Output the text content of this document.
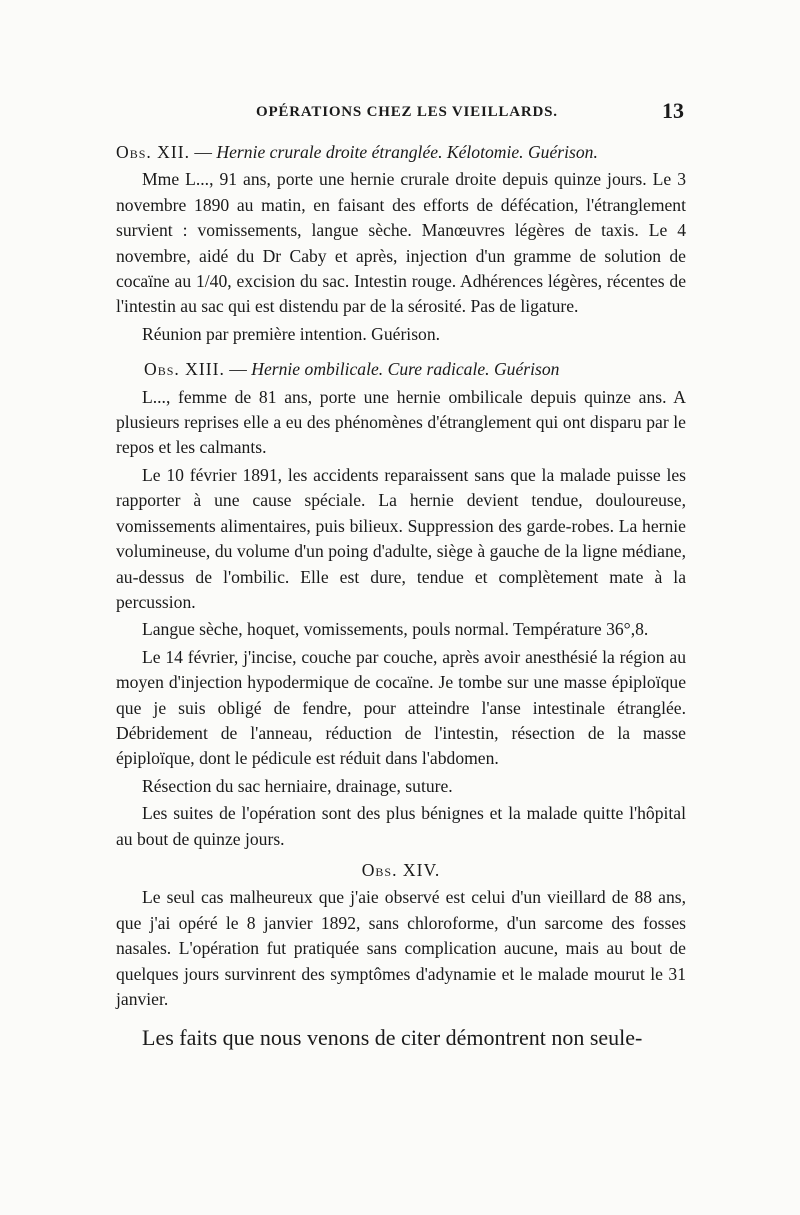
OPÉRATIONS CHEZ LES VIEILLARDS.	13

Obs. XII. — Hernie crurale droite étranglée. Kélotomie. Guérison.

Mme L..., 91 ans, porte une hernie crurale droite depuis quinze jours. Le 3 novembre 1890 au matin, en faisant des efforts de défécation, l'étranglement survient : vomissements, langue sèche. Manœuvres légères de taxis. Le 4 novembre, aidé du Dr Caby et après, injection d'un gramme de solution de cocaïne au 1/40, excision du sac. Intestin rouge. Adhérences légères, récentes de l'intestin au sac qui est distendu par de la sérosité. Pas de ligature.

Réunion par première intention. Guérison.

Obs. XIII. — Hernie ombilicale. Cure radicale. Guérison

L..., femme de 81 ans, porte une hernie ombilicale depuis quinze ans. A plusieurs reprises elle a eu des phénomènes d'étranglement qui ont disparu par le repos et les calmants.

Le 10 février 1891, les accidents reparaissent sans que la malade puisse les rapporter à une cause spéciale. La hernie devient tendue, douloureuse, vomissements alimentaires, puis bilieux. Suppression des garde-robes. La hernie volumineuse, du volume d'un poing d'adulte, siège à gauche de la ligne médiane, au-dessus de l'ombilic. Elle est dure, tendue et complètement mate à la percussion.

Langue sèche, hoquet, vomissements, pouls normal. Température 36°,8.

Le 14 février, j'incise, couche par couche, après avoir anesthésié la région au moyen d'injection hypodermique de cocaïne. Je tombe sur une masse épiploïque que je suis obligé de fendre, pour atteindre l'anse intestinale étranglée. Débridement de l'anneau, réduction de l'intestin, résection de la masse épiploïque, dont le pédicule est réduit dans l'abdomen.

Résection du sac herniaire, drainage, suture.

Les suites de l'opération sont des plus bénignes et la malade quitte l'hôpital au bout de quinze jours.

Obs. XIV.

Le seul cas malheureux que j'aie observé est celui d'un vieillard de 88 ans, que j'ai opéré le 8 janvier 1892, sans chloroforme, d'un sarcome des fosses nasales. L'opération fut pratiquée sans complication aucune, mais au bout de quelques jours survinrent des symptômes d'adynamie et le malade mourut le 31 janvier.

Les faits que nous venons de citer démontrent non seule-
